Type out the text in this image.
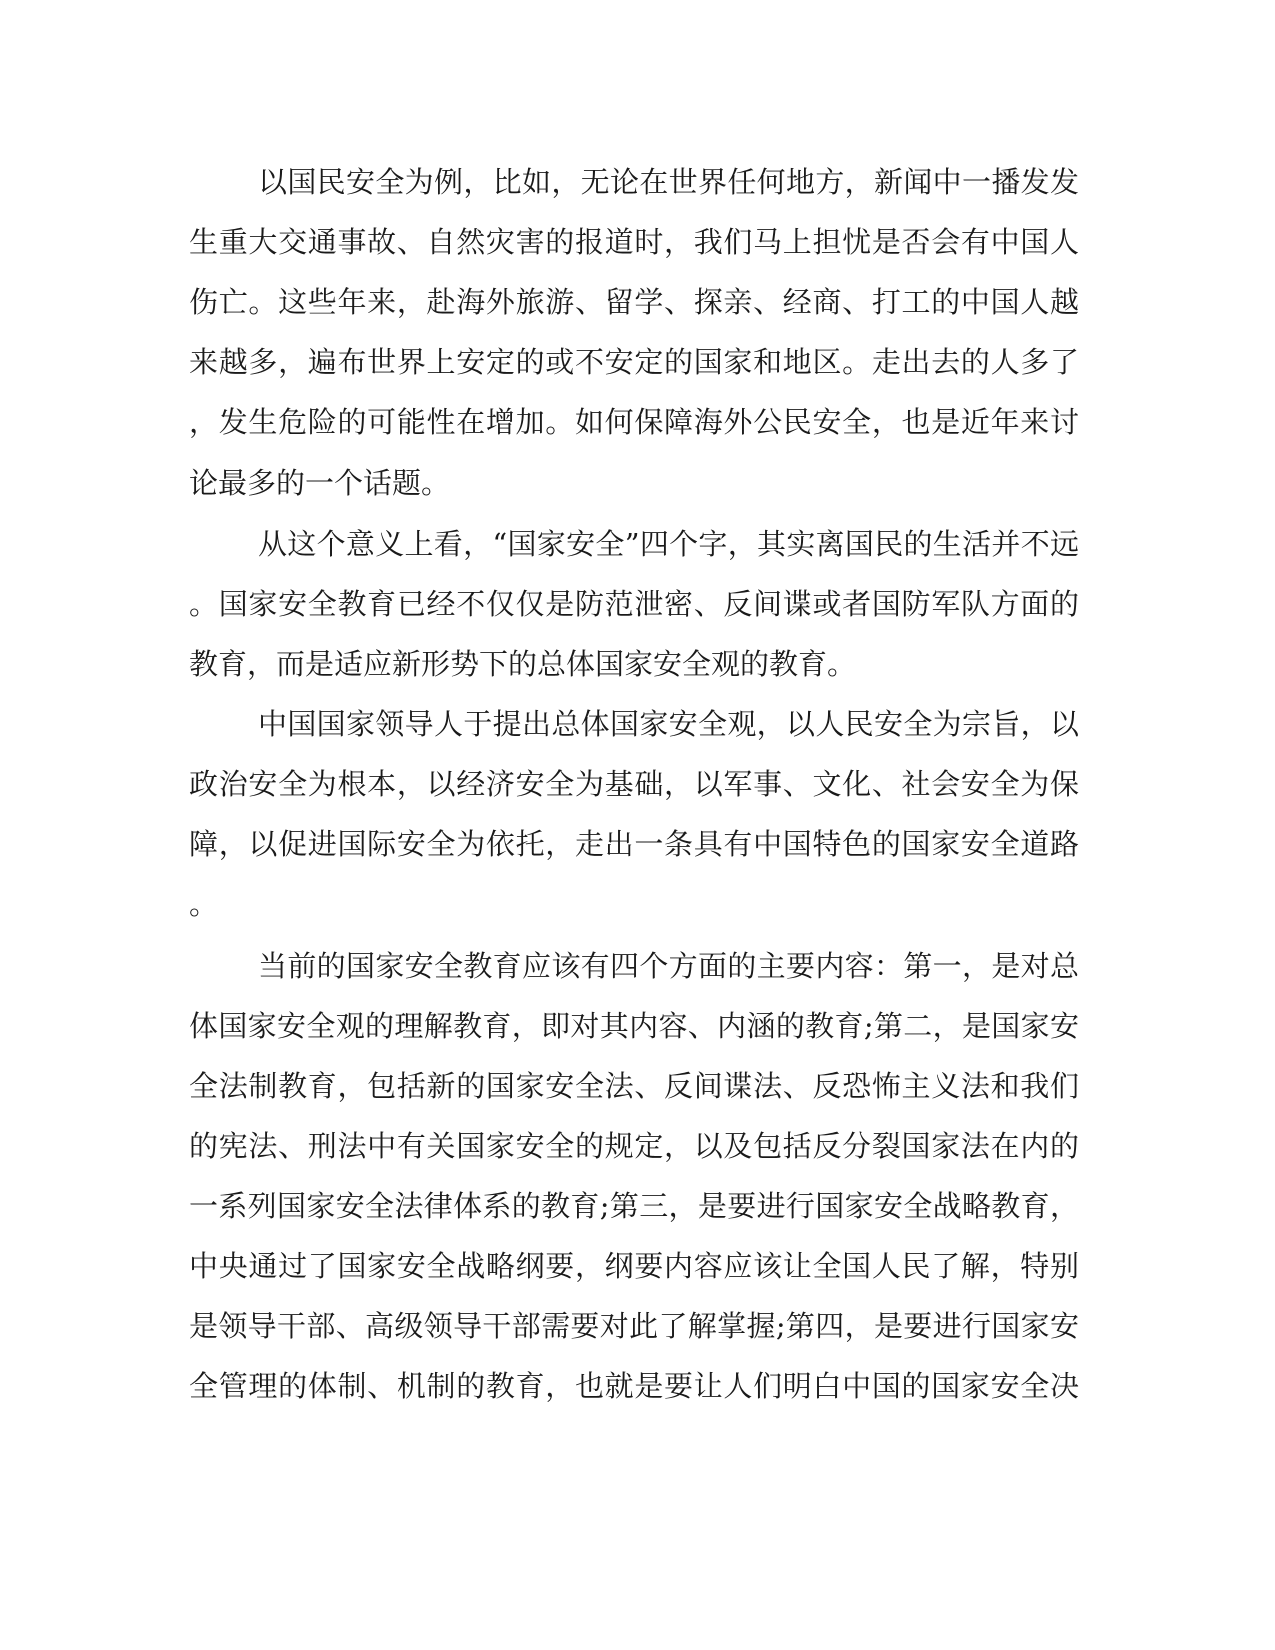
以国民安全为例，比如，无论在世界任何地方，新闻中一播发发
生重大交通事故、自然灾害的报道时，我们马上担忧是否会有中国人
伤亡。这些年来，赴海外旅游、留学、探亲、经商、打工的中国人越
来越多，遍布世界上安定的或不安定的国家和地区。走出去的人多了
，发生危险的可能性在增加。如何保障海外公民安全，也是近年来讨
论最多的一个话题。
从这个意义上看，“国家安全”四个字，其实离国民的生活并不远
。国家安全教育已经不仅仅是防范泄密、反间谍或者国防军队方面的
教育，而是适应新形势下的总体国家安全观的教育。
中国国家领导人于提出总体国家安全观，以人民安全为宗旨，以
政治安全为根本，以经济安全为基础，以军事、文化、社会安全为保
障，以促进国际安全为依托，走出一条具有中国特色的国家安全道路
。
当前的国家安全教育应该有四个方面的主要内容：第一，是对总
体国家安全观的理解教育，即对其内容、内涵的教育;第二，是国家安
全法制教育，包括新的国家安全法、反间谍法、反恐怖主义法和我们
的宪法、刑法中有关国家安全的规定，以及包括反分裂国家法在内的
一系列国家安全法律体系的教育;第三，是要进行国家安全战略教育，
中央通过了国家安全战略纲要，纲要内容应该让全国人民了解，特别
是领导干部、高级领导干部需要对此了解掌握;第四，是要进行国家安
全管理的体制、机制的教育，也就是要让人们明白中国的国家安全决
